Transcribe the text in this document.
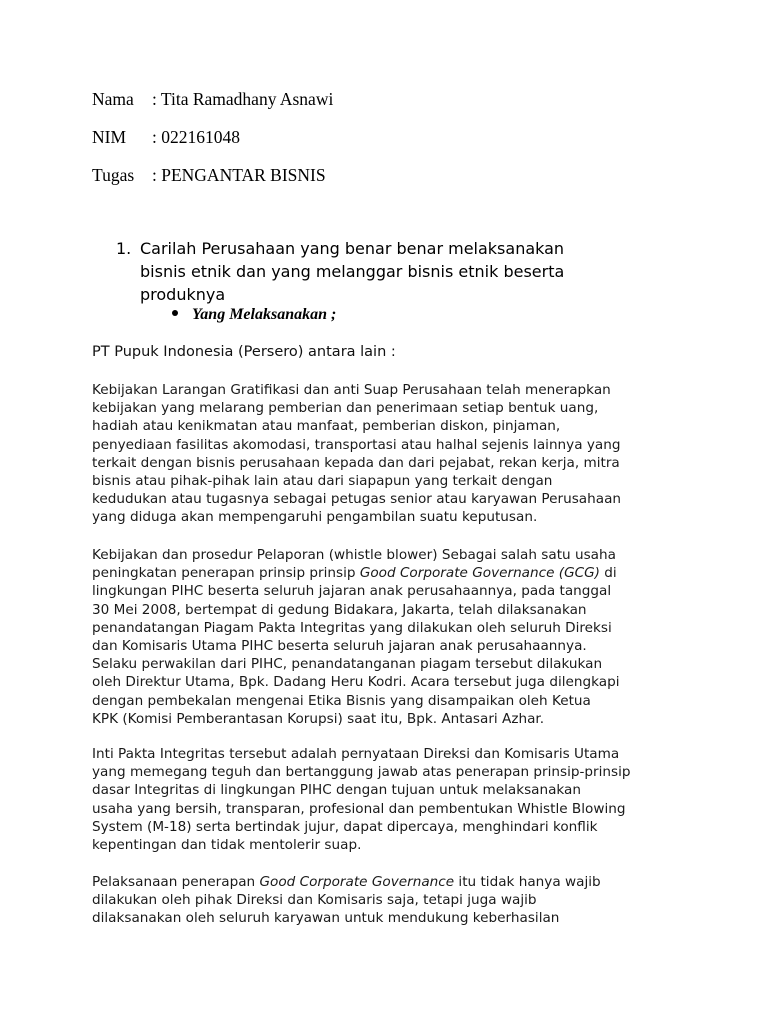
Nama : Tita Ramadhany Asnawi
NIM : 022161048
Tugas : PENGANTAR BISNIS
1. Carilah Perusahaan yang benar benar melaksanakan
bisnis etnik dan yang melanggar bisnis etnik beserta
produknya
Yang Melaksanakan ;
PT Pupuk Indonesia (Persero) antara lain :
Kebijakan Larangan Gratifikasi dan anti Suap Perusahaan telah menerapkan
kebijakan yang melarang pemberian dan penerimaan setiap bentuk uang,
hadiah atau kenikmatan atau manfaat, pemberian diskon, pinjaman,
penyediaan fasilitas akomodasi, transportasi atau halhal sejenis lainnya yang
terkait dengan bisnis perusahaan kepada dan dari pejabat, rekan kerja, mitra
bisnis atau pihak-pihak lain atau dari siapapun yang terkait dengan
kedudukan atau tugasnya sebagai petugas senior atau karyawan Perusahaan
yang diduga akan mempengaruhi pengambilan suatu keputusan.
Kebijakan dan prosedur Pelaporan (whistle blower) Sebagai salah satu usaha
peningkatan penerapan prinsip prinsip Good Corporate Governance (GCG) di
lingkungan PIHC beserta seluruh jajaran anak perusahaannya, pada tanggal
30 Mei 2008, bertempat di gedung Bidakara, Jakarta, telah dilaksanakan
penandatangan Piagam Pakta Integritas yang dilakukan oleh seluruh Direksi
dan Komisaris Utama PIHC beserta seluruh jajaran anak perusahaannya.
Selaku perwakilan dari PIHC, penandatanganan piagam tersebut dilakukan
oleh Direktur Utama, Bpk. Dadang Heru Kodri. Acara tersebut juga dilengkapi
dengan pembekalan mengenai Etika Bisnis yang disampaikan oleh Ketua
KPK (Komisi Pemberantasan Korupsi) saat itu, Bpk. Antasari Azhar.
Inti Pakta Integritas tersebut adalah pernyataan Direksi dan Komisaris Utama
yang memegang teguh dan bertanggung jawab atas penerapan prinsip-prinsip
dasar Integritas di lingkungan PIHC dengan tujuan untuk melaksanakan
usaha yang bersih, transparan, profesional dan pembentukan Whistle Blowing
System (M-18) serta bertindak jujur, dapat dipercaya, menghindari konflik
kepentingan dan tidak mentolerir suap.
Pelaksanaan penerapan Good Corporate Governance itu tidak hanya wajib
dilakukan oleh pihak Direksi dan Komisaris saja, tetapi juga wajib
dilaksanakan oleh seluruh karyawan untuk mendukung keberhasilan
